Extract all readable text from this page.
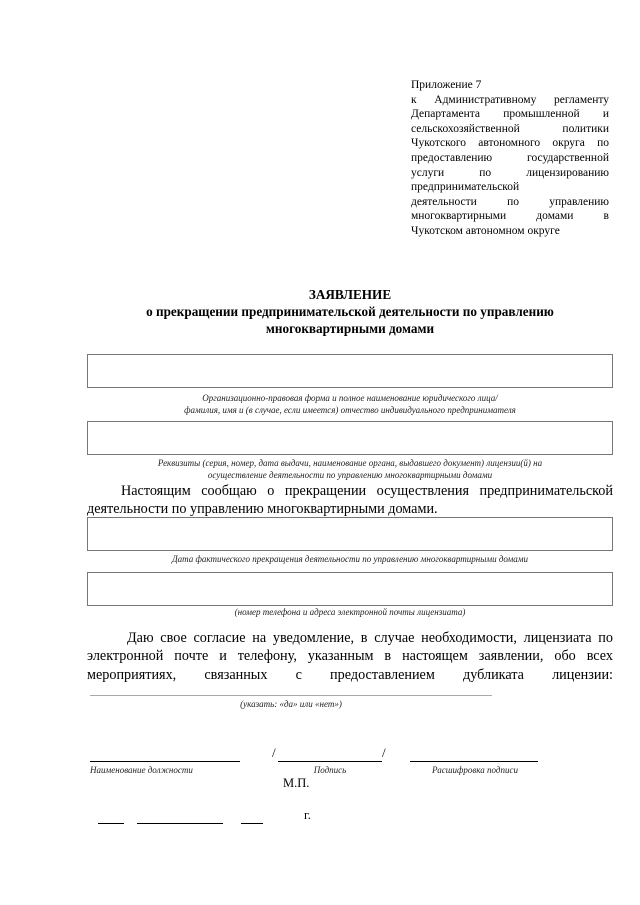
Приложение 7
к Административному регламенту
Департамента промышленной и
сельскохозяйственной политики
Чукотского автономного округа по
предоставлению государственной
услуги по лицензированию
предпринимательской
деятельности по управлению
многоквартирными домами в
Чукотском автономном округе
ЗАЯВЛЕНИЕ
о прекращении предпринимательской деятельности по управлению
многоквартирными домами
Организационно-правовая форма и полное наименование юридического лица/
фамилия, имя и (в случае, если имеется) отчество индивидуального предпринимателя
Реквизиты (серия, номер, дата выдачи, наименование органа, выдавшего документ) лицензии(й) на
осуществление деятельности по управлению многоквартирными домами
Настоящим сообщаю о прекращении осуществления предпринимательской деятельности по управлению многоквартирными домами.
Дата фактического прекращения деятельности по управлению многоквартирными домами
(номер телефона и адреса электронной почты лицензиата)
Даю свое согласие на уведомление, в случае необходимости, лицензиата по электронной почте и телефону, указанным в настоящем заявлении, обо всех мероприятиях, связанных с предоставлением дубликата лицензии:
(указать: «да» или «нет»)
Наименование должности
/	/
Подпись	Расшифровка подписи
М.П.
г.
